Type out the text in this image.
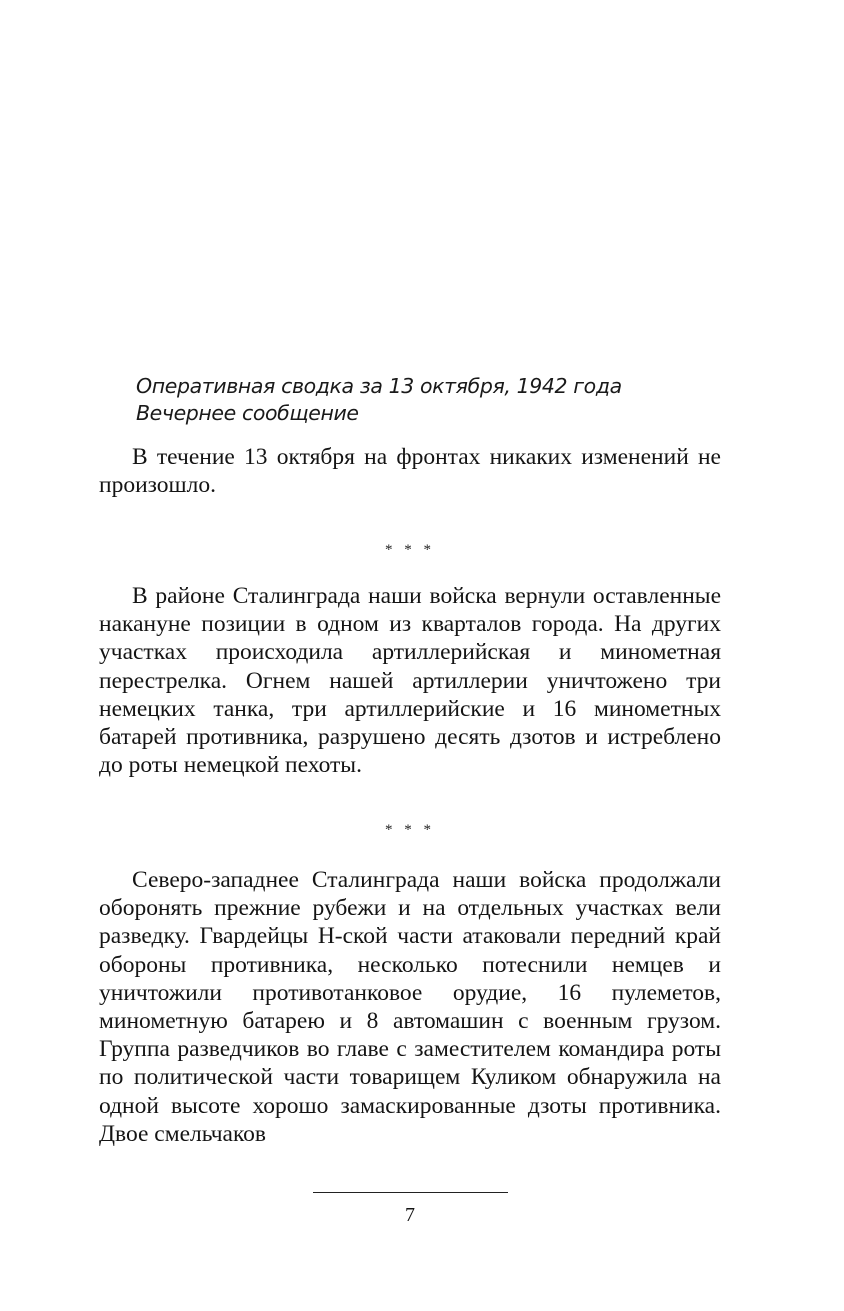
Оперативная сводка за 13 октября, 1942 года
Вечернее сообщение

В течение 13 октября на фронтах никаких изменений не произошло.

* * *

В районе Сталинграда наши войска вернули оставленные накануне позиции в одном из кварталов города. На других участках происходила артиллерийская и минометная перестрелка. Огнем нашей артиллерии уничтожено три немецких танка, три артиллерийские и 16 минометных батарей противника, разрушено десять дзотов и истреблено до роты немецкой пехоты.

* * *

Северо-западнее Сталинграда наши войска продолжали оборонять прежние рубежи и на отдельных участках вели разведку. Гвардейцы Н-ской части атаковали передний край обороны противника, несколько потеснили немцев и уничтожили противотанковое орудие, 16 пулеметов, минометную батарею и 8 автомашин с военным грузом. Группа разведчиков во главе с заместителем командира роты по политической части товарищем Куликом обнаружила на одной высоте хорошо замаскированные дзоты противника. Двое смельчаков

7
